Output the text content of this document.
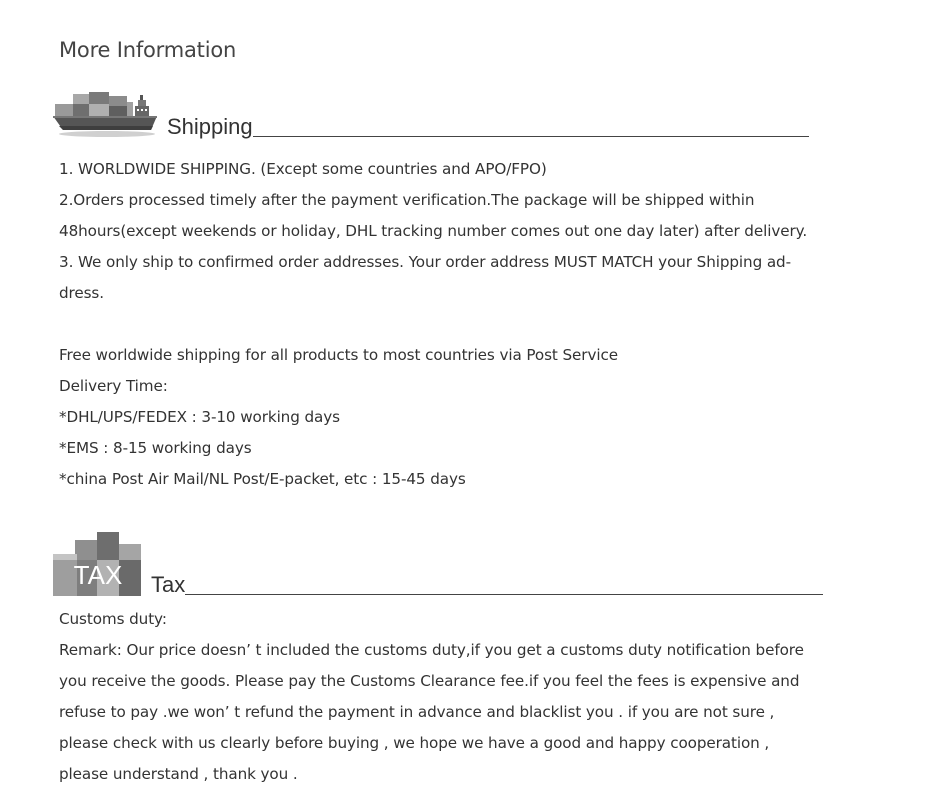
More Information
Shipping
1. WORLDWIDE SHIPPING. (Except some countries and APO/FPO)
2.Orders processed timely after the payment verification.The package will be shipped within
48hours(except weekends or holiday, DHL tracking number comes out one day later) after delivery.
3. We only ship to confirmed order addresses. Your order address MUST MATCH your Shipping ad-
dress.
Free worldwide shipping for all products to most countries via Post Service
Delivery Time:
*DHL/UPS/FEDEX : 3-10 working days
*EMS : 8-15 working days
*china Post Air Mail/NL Post/E-packet, etc : 15-45 days
TAX Tax
Customs duty:
Remark: Our price doesn’ t included the customs duty,if you get a customs duty notification before
you receive the goods. Please pay the Customs Clearance fee.if you feel the fees is expensive and
refuse to pay .we won’ t refund the payment in advance and blacklist you . if you are not sure ,
please check with us clearly before buying , we hope we have a good and happy cooperation ,
please understand , thank you .
